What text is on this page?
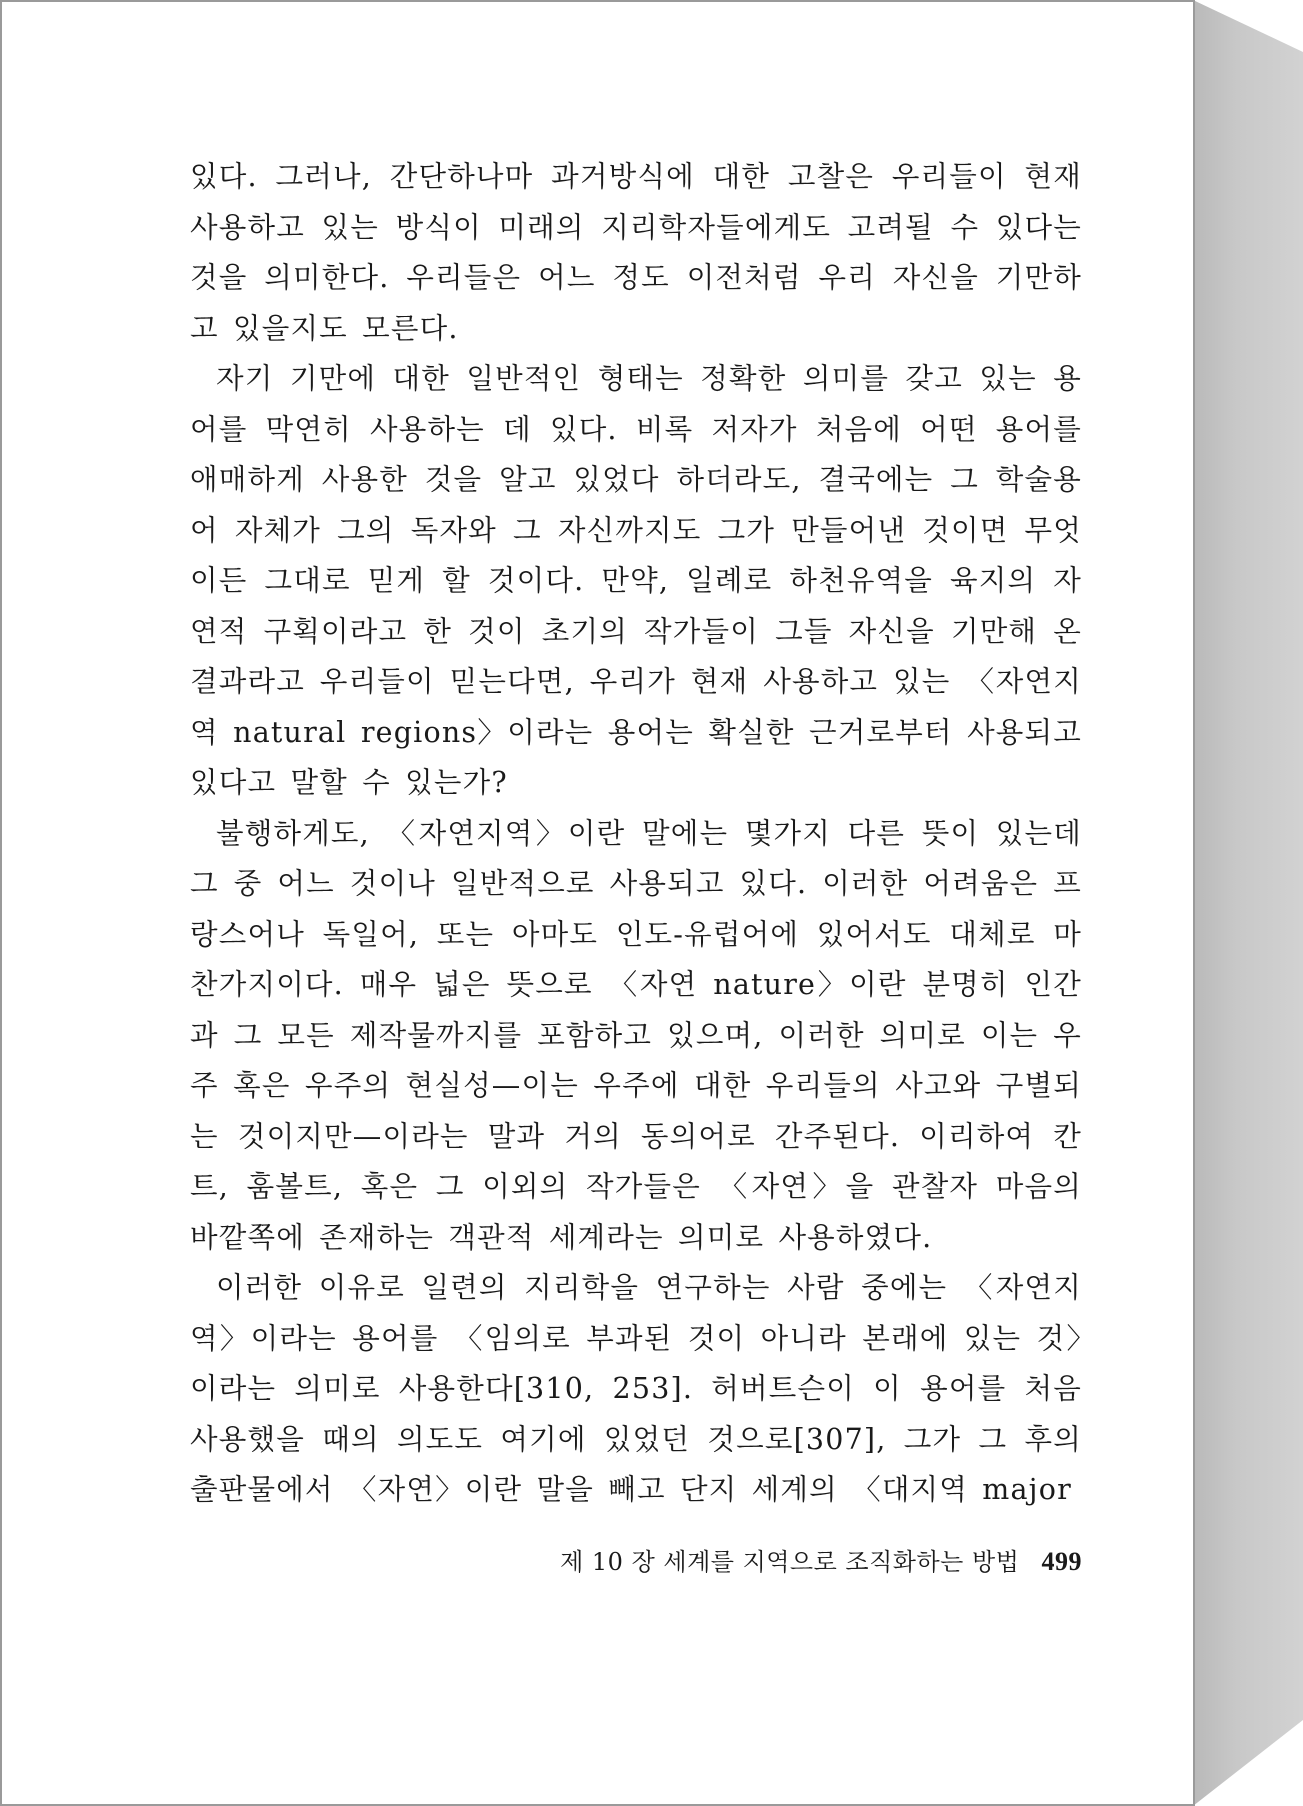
있다. 그러나, 간단하나마 과거방식에 대한 고찰은 우리들이 현재 사용하고 있는 방식이 미래의 지리학자들에게도 고려될 수 있다는 것을 의미한다. 우리들은 어느 정도 이전처럼 우리 자신을 기만하고 있을지도 모른다.

자기 기만에 대한 일반적인 형태는 정확한 의미를 갖고 있는 용어를 막연히 사용하는 데 있다. 비록 저자가 처음에 어떤 용어를 애매하게 사용한 것을 알고 있었다 하더라도, 결국에는 그 학술용어 자체가 그의 독자와 그 자신까지도 그가 만들어낸 것이면 무엇이든 그대로 믿게 할 것이다. 만약, 일례로 하천유역을 육지의 자연적 구획이라고 한 것이 초기의 작가들이 그들 자신을 기만해 온 결과라고 우리들이 믿는다면, 우리가 현재 사용하고 있는 〈자연지역 natural regions〉이라는 용어는 확실한 근거로부터 사용되고 있다고 말할 수 있는가?

불행하게도, 〈자연지역〉이란 말에는 몇가지 다른 뜻이 있는데 그 중 어느 것이나 일반적으로 사용되고 있다. 이러한 어려움은 프랑스어나 독일어, 또는 아마도 인도-유럽어에 있어서도 대체로 마찬가지이다. 매우 넓은 뜻으로 〈자연 nature〉이란 분명히 인간과 그 모든 제작물까지를 포함하고 있으며, 이러한 의미로 이는 우주 혹은 우주의 현실성—이는 우주에 대한 우리들의 사고와 구별되는 것이지만—이라는 말과 거의 동의어로 간주된다. 이리하여 칸트, 훔볼트, 혹은 그 이외의 작가들은 〈자연〉을 관찰자 마음의 바깥쪽에 존재하는 객관적 세계라는 의미로 사용하였다.

이러한 이유로 일련의 지리학을 연구하는 사람 중에는 〈자연지역〉이라는 용어를 〈임의로 부과된 것이 아니라 본래에 있는 것〉이라는 의미로 사용한다[310, 253]. 허버트슨이 이 용어를 처음 사용했을 때의 의도도 여기에 있었던 것으로[307], 그가 그 후의 출판물에서 〈자연〉이란 말을 빼고 단지 세계의 〈대지역 major

제 10 장 세계를 지역으로 조직화하는 방법 499
